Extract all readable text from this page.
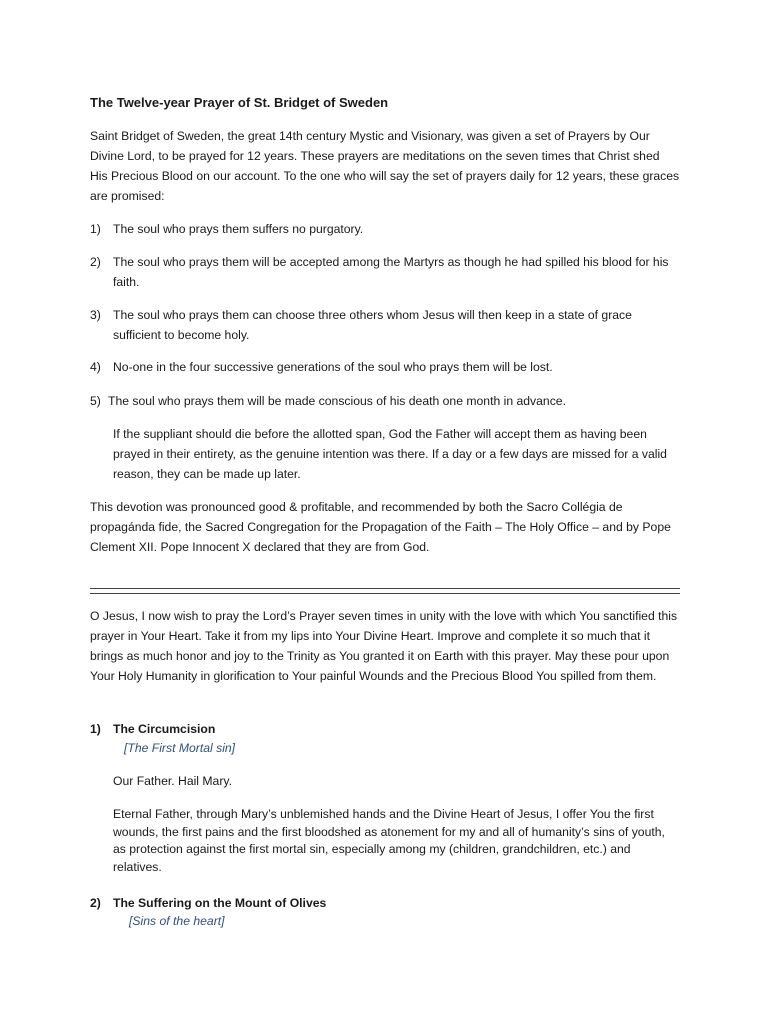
The Twelve-year Prayer of St. Bridget of Sweden

Saint Bridget of Sweden, the great 14th century Mystic and Visionary, was given a set of Prayers by Our Divine Lord, to be prayed for 12 years. These prayers are meditations on the seven times that Christ shed His Precious Blood on our account. To the one who will say the set of prayers daily for 12 years, these graces are promised:

1) The soul who prays them suffers no purgatory.
2) The soul who prays them will be accepted among the Martyrs as though he had spilled his blood for his faith.
3) The soul who prays them can choose three others whom Jesus will then keep in a state of grace sufficient to become holy.
4) No-one in the four successive generations of the soul who prays them will be lost.
5) The soul who prays them will be made conscious of his death one month in advance.

If the suppliant should die before the allotted span, God the Father will accept them as having been prayed in their entirety, as the genuine intention was there. If a day or a few days are missed for a valid reason, they can be made up later.

This devotion was pronounced good & profitable, and recommended by both the Sacro Collégia de propagánda fide, the Sacred Congregation for the Propagation of the Faith – The Holy Office – and by Pope Clement XII. Pope Innocent X declared that they are from God.

O Jesus, I now wish to pray the Lord’s Prayer seven times in unity with the love with which You sanctified this prayer in Your Heart. Take it from my lips into Your Divine Heart. Improve and complete it so much that it brings as much honor and joy to the Trinity as You granted it on Earth with this prayer. May these pour upon Your Holy Humanity in glorification to Your painful Wounds and the Precious Blood You spilled from them.

1) The Circumcision
[The First Mortal sin]
Our Father. Hail Mary.

Eternal Father, through Mary’s unblemished hands and the Divine Heart of Jesus, I offer You the first wounds, the first pains and the first bloodshed as atonement for my and all of humanity’s sins of youth, as protection against the first mortal sin, especially among my (children, grandchildren, etc.) and relatives.

2) The Suffering on the Mount of Olives
[Sins of the heart]
